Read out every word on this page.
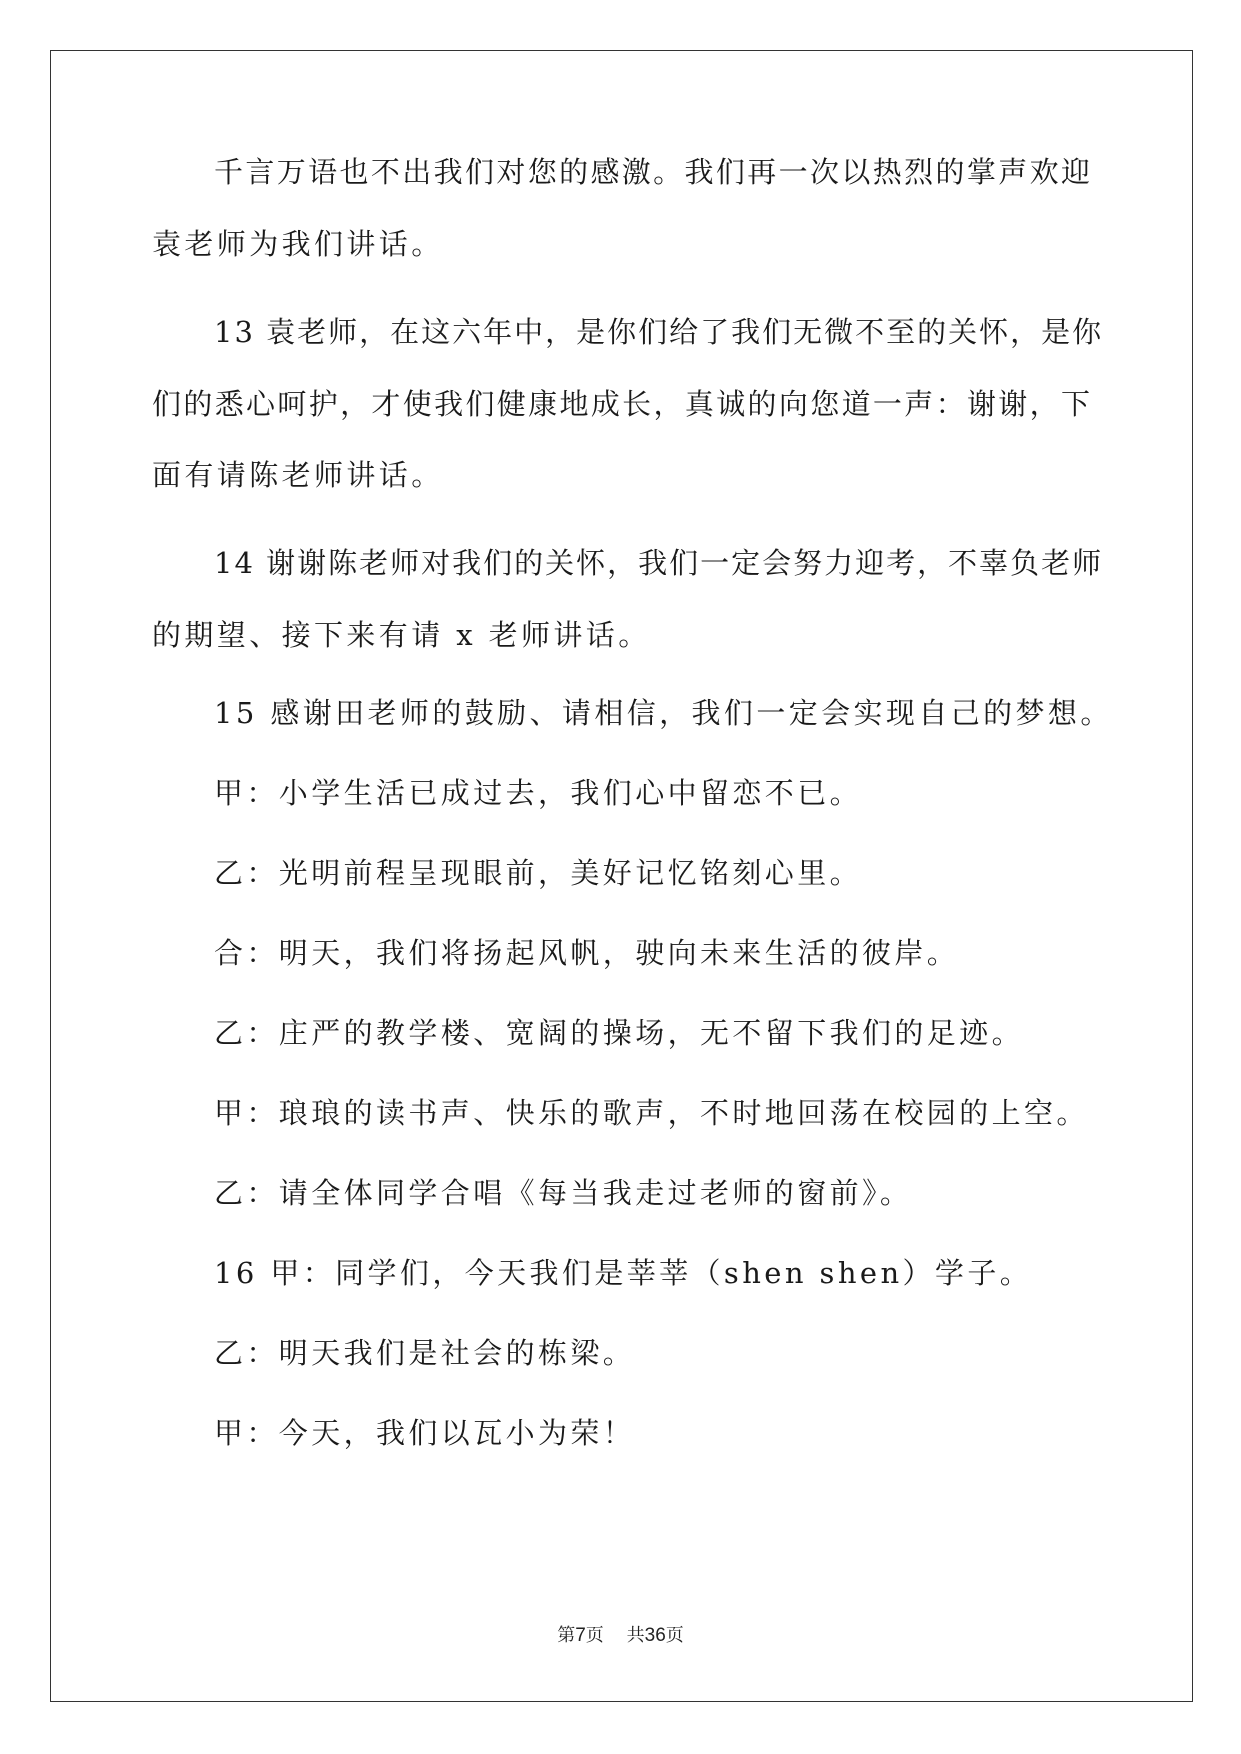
千言万语也不出我们对您的感激。我们再一次以热烈的掌声欢迎
袁老师为我们讲话。
13 袁老师，在这六年中，是你们给了我们无微不至的关怀，是你
们的悉心呵护，才使我们健康地成长，真诚的向您道一声：谢谢，下
面有请陈老师讲话。
14 谢谢陈老师对我们的关怀，我们一定会努力迎考，不辜负老师
的期望、接下来有请 x 老师讲话。
15 感谢田老师的鼓励、请相信，我们一定会实现自己的梦想。
甲：小学生活已成过去，我们心中留恋不已。
乙：光明前程呈现眼前，美好记忆铭刻心里。
合：明天，我们将扬起风帆，驶向未来生活的彼岸。
乙：庄严的教学楼、宽阔的操场，无不留下我们的足迹。
甲：琅琅的读书声、快乐的歌声，不时地回荡在校园的上空。
乙：请全体同学合唱《每当我走过老师的窗前》。
16 甲：同学们，今天我们是莘莘（shen shen）学子。
乙：明天我们是社会的栋梁。
甲：今天，我们以瓦小为荣！
第7页 共36页
